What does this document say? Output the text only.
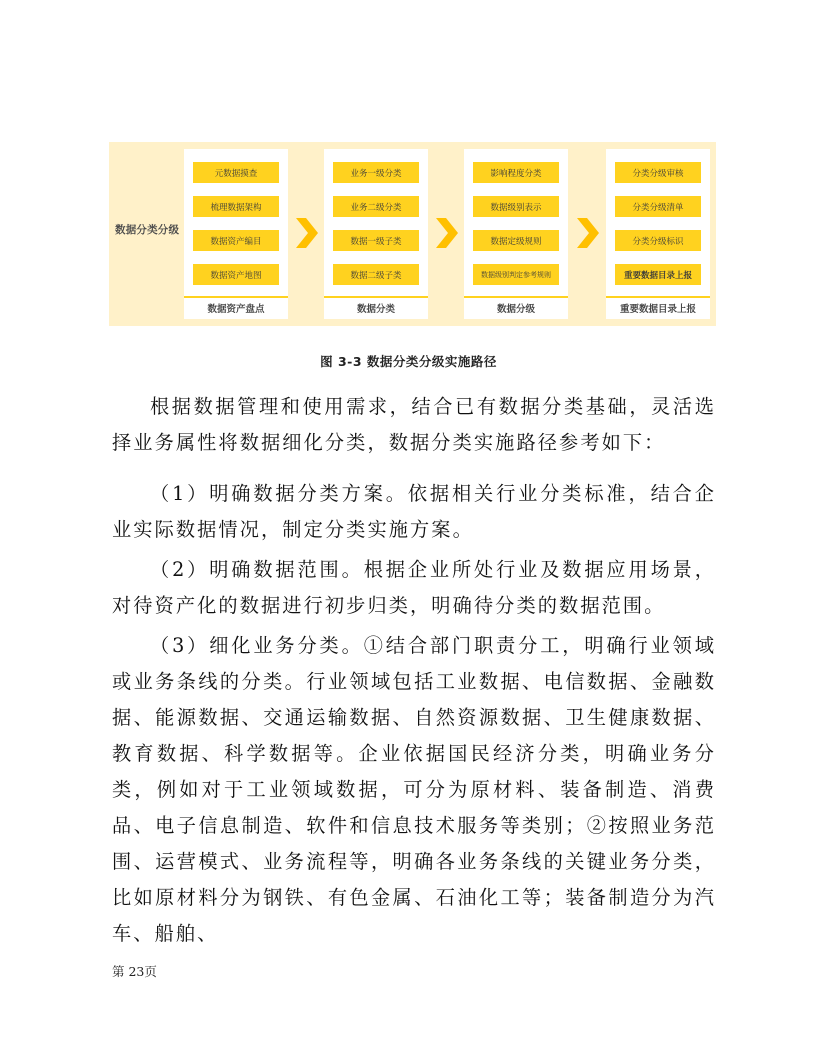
数据分类分级
元数据摸查
梳理数据架构
数据资产编目
数据资产地图
数据资产盘点
业务一级分类
业务二级分类
数据一级子类
数据二级子类
数据分类
影响程度分类
数据级别表示
数据定级规则
数据级别判定参考规则
数据分级
分类分级审核
分类分级清单
分类分级标识
重要数据目录上报
重要数据目录上报
图 3-3 数据分类分级实施路径

根据数据管理和使用需求，结合已有数据分类基础，灵活选择业务属性将数据细化分类，数据分类实施路径参考如下：

（1）明确数据分类方案。依据相关行业分类标准，结合企业实际数据情况，制定分类实施方案。

（2）明确数据范围。根据企业所处行业及数据应用场景，对待资产化的数据进行初步归类，明确待分类的数据范围。

（3）细化业务分类。①结合部门职责分工，明确行业领域或业务条线的分类。行业领域包括工业数据、电信数据、金融数据、能源数据、交通运输数据、自然资源数据、卫生健康数据、教育数据、科学数据等。企业依据国民经济分类，明确业务分类，例如对于工业领域数据，可分为原材料、装备制造、消费品、电子信息制造、软件和信息技术服务等类别；②按照业务范围、运营模式、业务流程等，明确各业务条线的关键业务分类，比如原材料分为钢铁、有色金属、石油化工等；装备制造分为汽车、船舶、

第 23页
